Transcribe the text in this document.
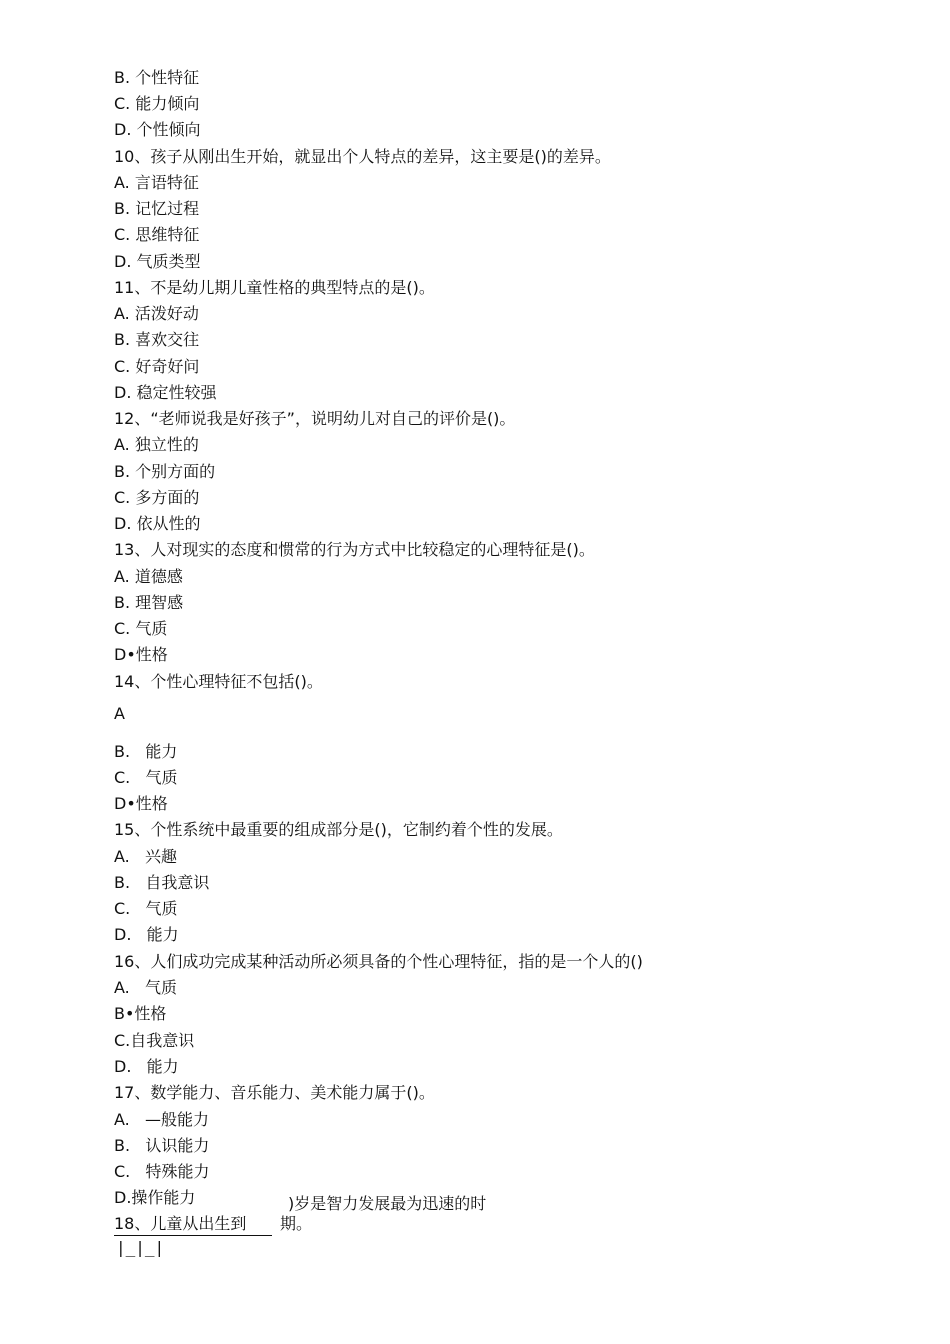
B. 个性特征
C. 能力倾向
D. 个性倾向
10、孩子从刚出生开始，就显出个人特点的差异，这主要是()的差异。
A. 言语特征
B. 记忆过程
C. 思维特征
D. 气质类型
11、不是幼儿期儿童性格的典型特点的是()。
A. 活泼好动
B. 喜欢交往
C. 好奇好问
D. 稳定性较强
12、“老师说我是好孩子”，说明幼儿对自己的评价是()。
A. 独立性的
B. 个别方面的
C. 多方面的
D. 依从性的
13、人对现实的态度和惯常的行为方式中比较稳定的心理特征是()。
A. 道德感
B. 理智感
C. 气质
D•性格
14、个性心理特征不包括()。
A
B.   能力
C.   气质
D•性格
15、个性系统中最重要的组成部分是()，它制约着个性的发展。
A.   兴趣
B.   自我意识
C.   气质
D.   能力
16、人们成功完成某种活动所必须具备的个性心理特征，指的是一个人的()
A.   气质
B•性格
C.自我意识
D.   能力
17、数学能力、音乐能力、美术能力属于()。
A.   —般能力
B.   认识能力
C.   特殊能力
D.操作能力	)岁是智力发展最为迅速的时
18、儿童从出生到	期。
|_|_|
